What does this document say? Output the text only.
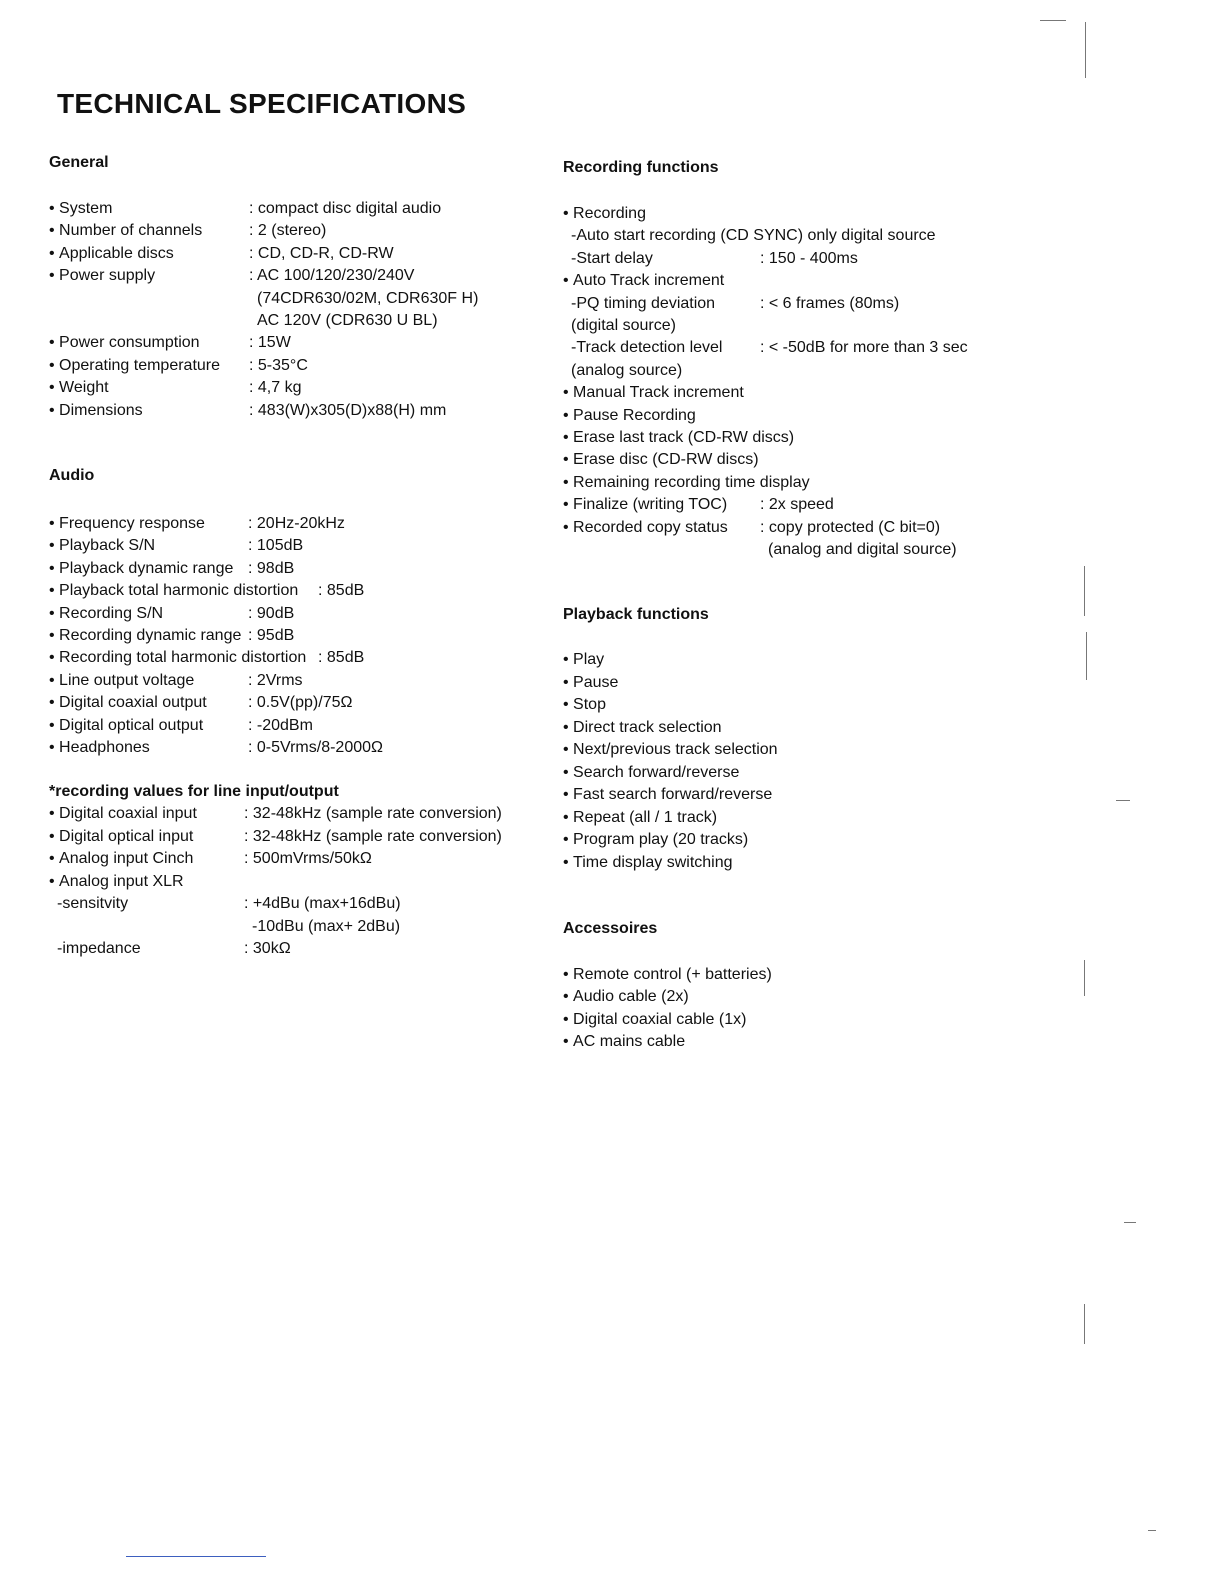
TECHNICAL SPECIFICATIONS
General
• System	: compact disc digital audio
• Number of channels	: 2 (stereo)
• Applicable discs	: CD, CD-R, CD-RW
• Power supply	: AC 100/120/230/240V
(74CDR630/02M, CDR630F H)
AC 120V (CDR630 U BL)
• Power consumption	: 15W
• Operating temperature : 5-35°C
• Weight	: 4,7 kg
• Dimensions	: 483(W)x305(D)x88(H) mm
Audio
• Frequency response	: 20Hz-20kHz
• Playback S/N	: 105dB
• Playback dynamic range : 98dB
• Playback total harmonic distortion : 85dB
• Recording S/N	: 90dB
• Recording dynamic range : 95dB
• Recording total harmonic distortion : 85dB
• Line output voltage	: 2Vrms
• Digital coaxial output	: 0.5V(pp)/75Ω
• Digital optical output	: -20dBm
• Headphones	: 0-5Vrms/8-2000Ω
*recording values for line input/output
• Digital coaxial input	: 32-48kHz (sample rate conversion)
• Digital optical input	: 32-48kHz (sample rate conversion)
• Analog input Cinch	: 500mVrms/50kΩ
• Analog input XLR
-sensitvity	: +4dBu (max+16dBu)
-10dBu (max+ 2dBu)
-impedance	: 30kΩ
Recording functions
• Recording
-Auto start recording (CD SYNC) only digital source
-Start delay	: 150 - 400ms
• Auto Track increment
-PQ timing deviation	: < 6 frames (80ms)
(digital source)
-Track detection level : < -50dB for more than 3 sec
(analog source)
• Manual Track increment
• Pause Recording
• Erase last track (CD-RW discs)
• Erase disc (CD-RW discs)
• Remaining recording time display
• Finalize (writing TOC) : 2x speed
• Recorded copy status : copy protected (C bit=0)
(analog and digital source)
Playback functions
• Play
• Pause
• Stop
• Direct track selection
• Next/previous track selection
• Search forward/reverse
• Fast search forward/reverse
• Repeat (all / 1 track)
• Program play (20 tracks)
• Time display switching
Accessoires
• Remote control (+ batteries)
• Audio cable (2x)
• Digital coaxial cable (1x)
• AC mains cable
